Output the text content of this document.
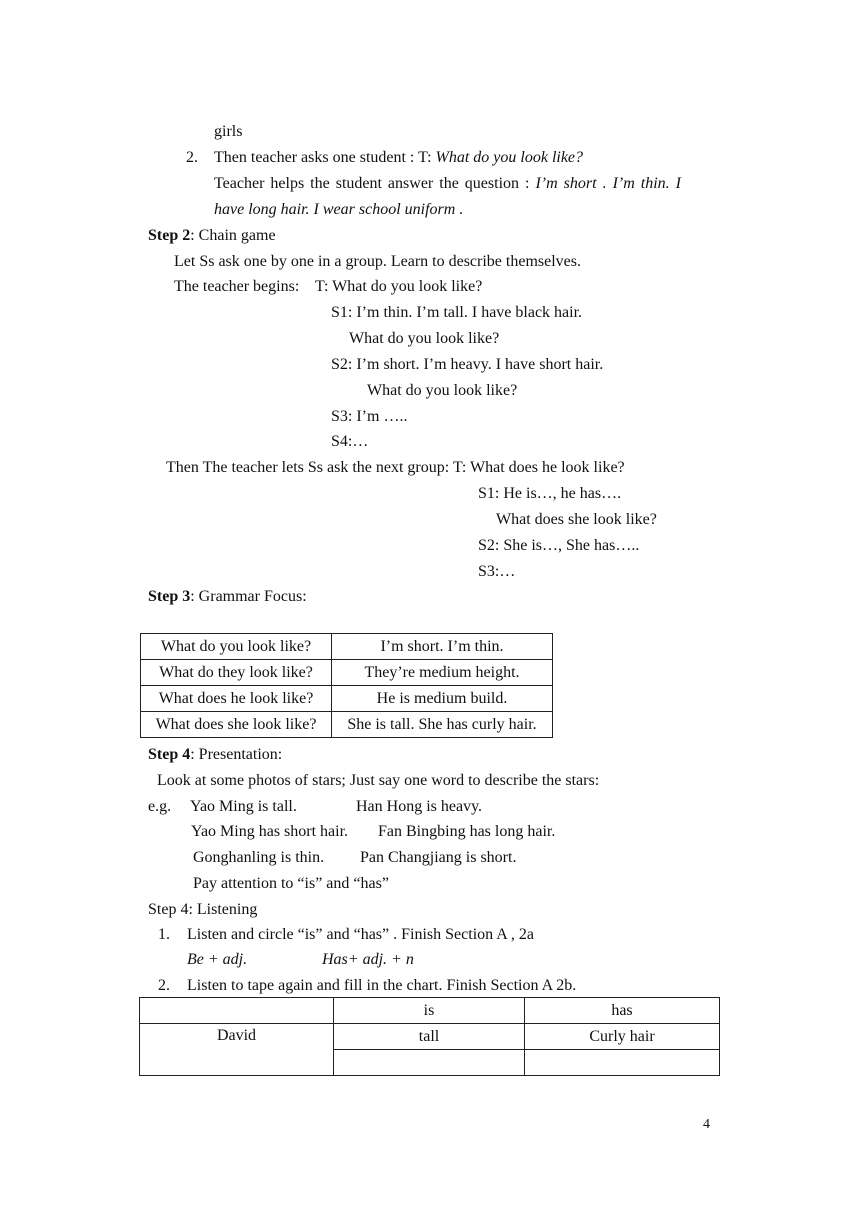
girls
2. Then teacher asks one student : T: What do you look like?
Teacher helps the student answer the question : I’m short . I’m thin. I
have long hair. I wear school uniform .
Step 2: Chain game
Let Ss ask one by one in a group. Learn to describe themselves.
The teacher begins:    T: What do you look like?
S1: I’m thin. I’m tall. I have black hair.
What do you look like?
S2: I’m short. I’m heavy. I have short hair.
What do you look like?
S3: I’m …..
S4:…
Then The teacher lets Ss ask the next group: T: What does he look like?
S1: He is…, he has….
What does she look like?
S2: She is…, She has…..
S3:…
Step 3: Grammar Focus:
What do you look like?	I’m short. I’m thin.
What do they look like?	They’re medium height.
What does he look like?	He is medium build.
What does she look like?	She is tall. She has curly hair.
Step 4: Presentation:
Look at some photos of stars; Just say one word to describe the stars:
e.g. Yao Ming is tall.	Han Hong is heavy.
Yao Ming has short hair. Fan Bingbing has long hair.
Gonghanling is thin. Pan Changjiang is short.
Pay attention to “is” and “has”
Step 4: Listening
1. Listen and circle “is” and “has” . Finish Section A , 2a
Be + adj.	Has+ adj. + n
2. Listen to tape again and fill in the chart. Finish Section A 2b.
	is	has
David	tall	Curly hair

4
